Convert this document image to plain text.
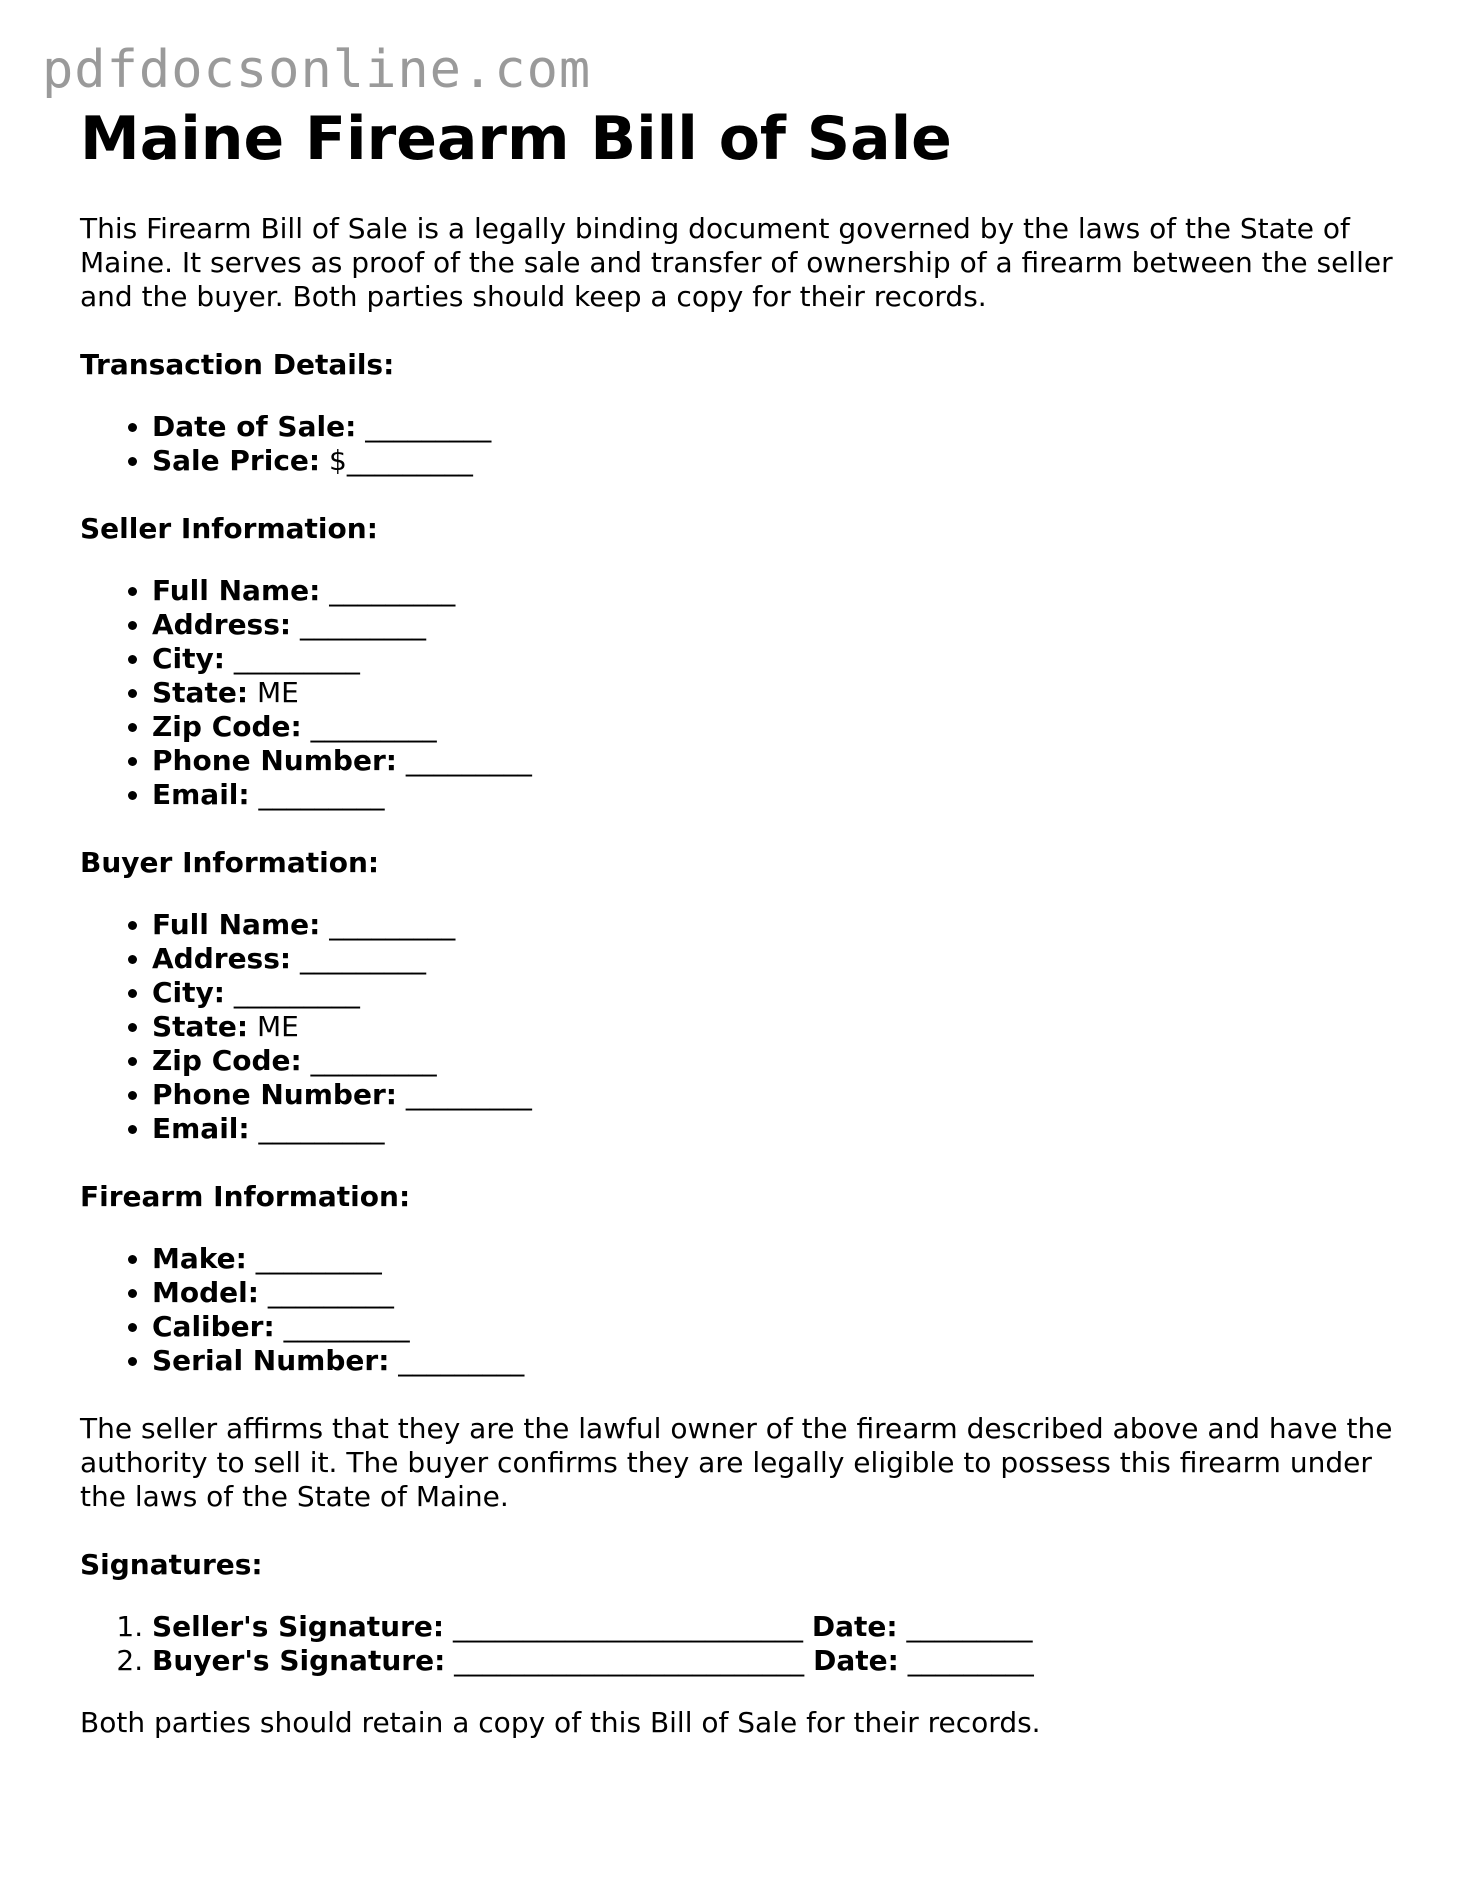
pdfdocsonline.com
Maine Firearm Bill of Sale

This Firearm Bill of Sale is a legally binding document governed by the laws of the State of Maine. It serves as proof of the sale and transfer of ownership of a firearm between the seller and the buyer. Both parties should keep a copy for their records.

Transaction Details:

• Date of Sale: _________
• Sale Price: $_________

Seller Information:

• Full Name: _________
• Address: _________
• City: _________
• State: ME
• Zip Code: _________
• Phone Number: _________
• Email: _________

Buyer Information:

• Full Name: _________
• Address: _________
• City: _________
• State: ME
• Zip Code: _________
• Phone Number: _________
• Email: _________

Firearm Information:

• Make: _________
• Model: _________
• Caliber: _________
• Serial Number: _________

The seller affirms that they are the lawful owner of the firearm described above and have the authority to sell it. The buyer confirms they are legally eligible to possess this firearm under the laws of the State of Maine.

Signatures:

1. Seller's Signature: _________________________ Date: _________
2. Buyer's Signature: _________________________ Date: _________

Both parties should retain a copy of this Bill of Sale for their records.
